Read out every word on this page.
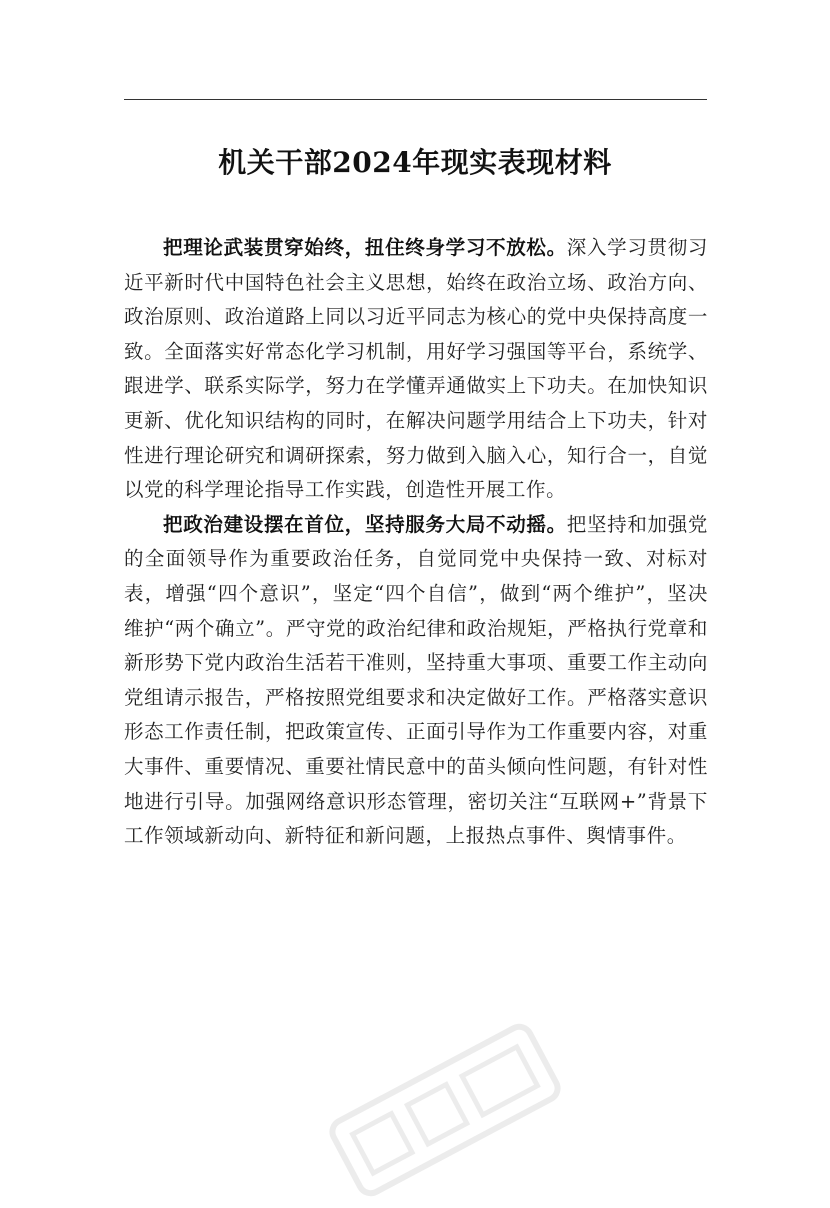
机关干部2024年现实表现材料

把理论武装贯穿始终，扭住终身学习不放松。深入学习贯彻习近平新时代中国特色社会主义思想，始终在政治立场、政治方向、政治原则、政治道路上同以习近平同志为核心的党中央保持高度一致。全面落实好常态化学习机制，用好学习强国等平台，系统学、跟进学、联系实际学，努力在学懂弄通做实上下功夫。在加快知识更新、优化知识结构的同时，在解决问题学用结合上下功夫，针对性进行理论研究和调研探索，努力做到入脑入心，知行合一，自觉以党的科学理论指导工作实践，创造性开展工作。

把政治建设摆在首位，坚持服务大局不动摇。把坚持和加强党的全面领导作为重要政治任务，自觉同党中央保持一致、对标对表，增强“四个意识”，坚定“四个自信”，做到“两个维护”，坚决维护“两个确立”。严守党的政治纪律和政治规矩，严格执行党章和新形势下党内政治生活若干准则，坚持重大事项、重要工作主动向党组请示报告，严格按照党组要求和决定做好工作。严格落实意识形态工作责任制，把政策宣传、正面引导作为工作重要内容，对重大事件、重要情况、重要社情民意中的苗头倾向性问题，有针对性地进行引导。加强网络意识形态管理，密切关注“互联网+”背景下工作领域新动向、新特征和新问题，上报热点事件、舆情事件。
